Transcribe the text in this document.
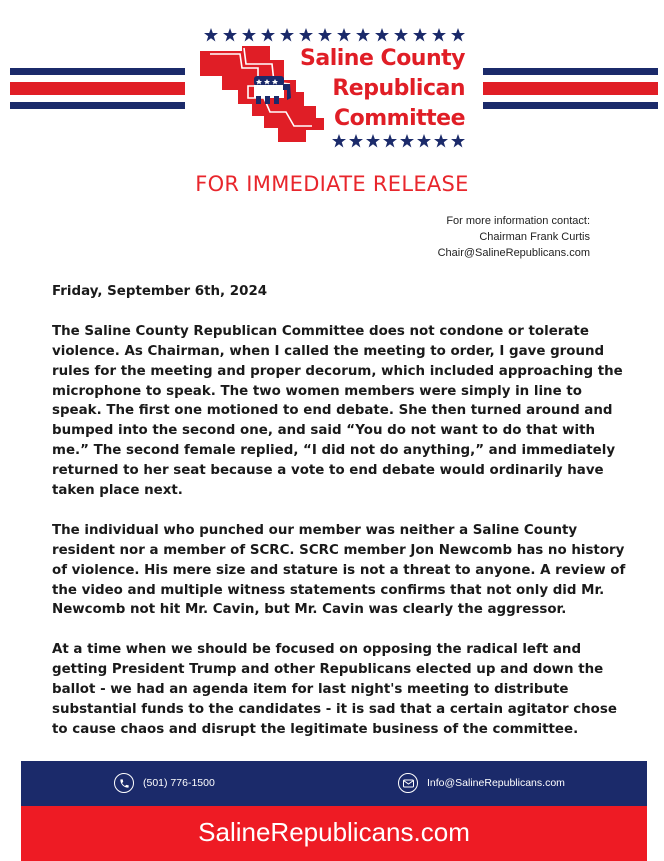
Saline County
Republican
Committee
FOR IMMEDIATE RELEASE
For more information contact:
Chairman Frank Curtis
Chair@SalineRepublicans.com
Friday, September 6th, 2024

The Saline County Republican Committee does not condone or tolerate violence. As Chairman, when I called the meeting to order, I gave ground rules for the meeting and proper decorum, which included approaching the microphone to speak. The two women members were simply in line to speak. The first one motioned to end debate. She then turned around and bumped into the second one, and said “You do not want to do that with me.” The second female replied, “I did not do anything,” and immediately returned to her seat because a vote to end debate would ordinarily have taken place next.

The individual who punched our member was neither a Saline County resident nor a member of SCRC. SCRC member Jon Newcomb has no history of violence. His mere size and stature is not a threat to anyone. A review of the video and multiple witness statements confirms that not only did Mr. Newcomb not hit Mr. Cavin, but Mr. Cavin was clearly the aggressor.

At a time when we should be focused on opposing the radical left and getting President Trump and other Republicans elected up and down the ballot - we had an agenda item for last night's meeting to distribute substantial funds to the candidates - it is sad that a certain agitator chose to cause chaos and disrupt the legitimate business of the committee.

(501) 776-1500	Info@SalineRepublicans.com
SalineRepublicans.com
